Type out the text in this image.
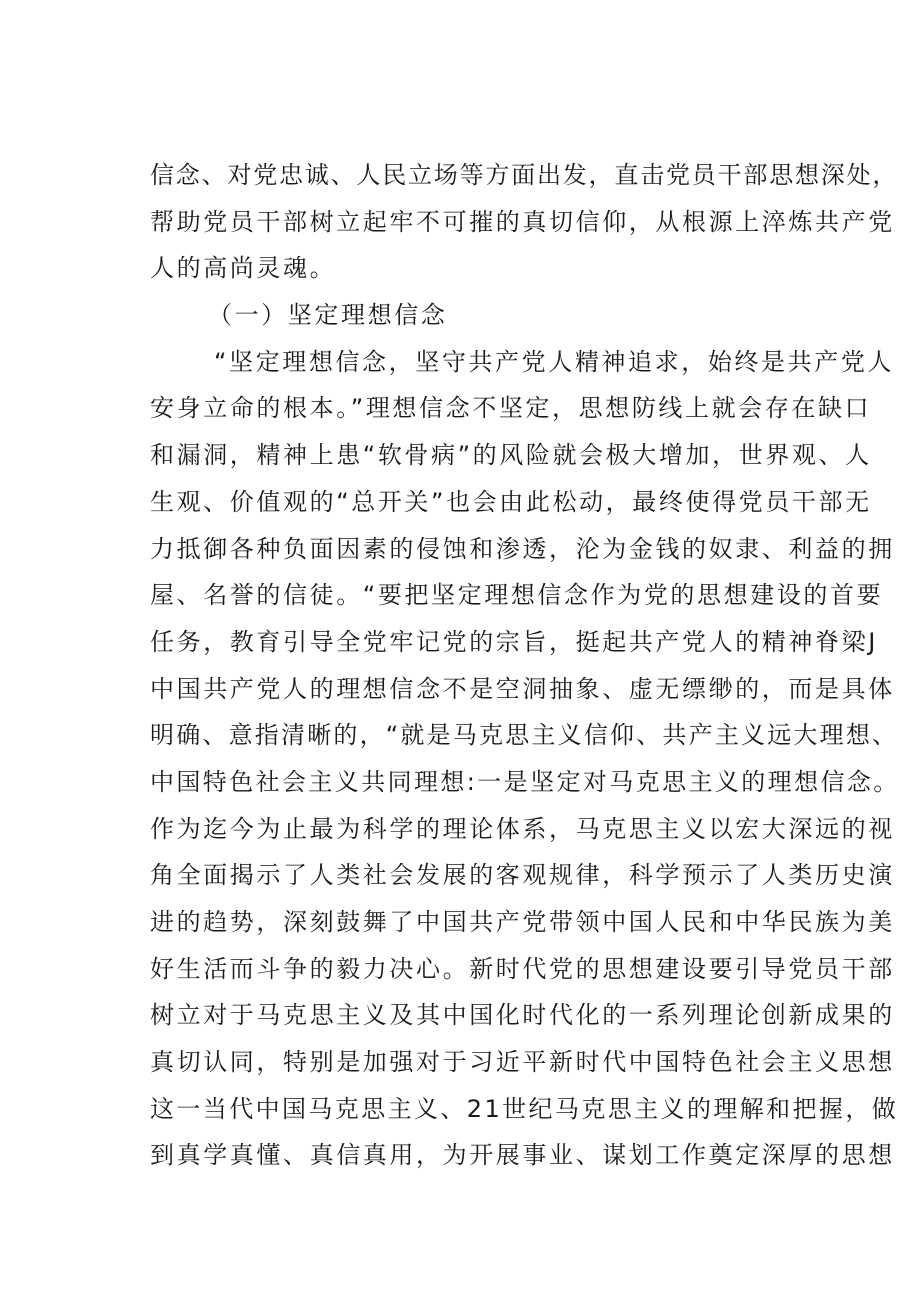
信念、对党忠诚、人民立场等方面出发，直击党员干部思想深处，
帮助党员干部树立起牢不可摧的真切信仰，从根源上淬炼共产党
人的高尚灵魂。
（一）坚定理想信念
“坚定理想信念，坚守共产党人精神追求，始终是共产党人
安身立命的根本。”理想信念不坚定，思想防线上就会存在缺口
和漏洞，精神上患“软骨病”的风险就会极大增加，世界观、人
生观、价值观的“总开关”也会由此松动，最终使得党员干部无
力抵御各种负面因素的侵蚀和渗透，沦为金钱的奴隶、利益的拥
屋、名誉的信徒。“要把坚定理想信念作为党的思想建设的首要
任务，教育引导全党牢记党的宗旨，挺起共产党人的精神脊梁J
中国共产党人的理想信念不是空洞抽象、虚无缥缈的，而是具体
明确、意指清晰的，“就是马克思主义信仰、共产主义远大理想、
中国特色社会主义共同理想:一是坚定对马克思主义的理想信念。
作为迄今为止最为科学的理论体系，马克思主义以宏大深远的视
角全面揭示了人类社会发展的客观规律，科学预示了人类历史演
进的趋势，深刻鼓舞了中国共产党带领中国人民和中华民族为美
好生活而斗争的毅力决心。新时代党的思想建设要引导党员干部
树立对于马克思主义及其中国化时代化的一系列理论创新成果的
真切认同，特别是加强对于习近平新时代中国特色社会主义思想
这一当代中国马克思主义、21世纪马克思主义的理解和把握，做
到真学真懂、真信真用，为开展事业、谋划工作奠定深厚的思想
